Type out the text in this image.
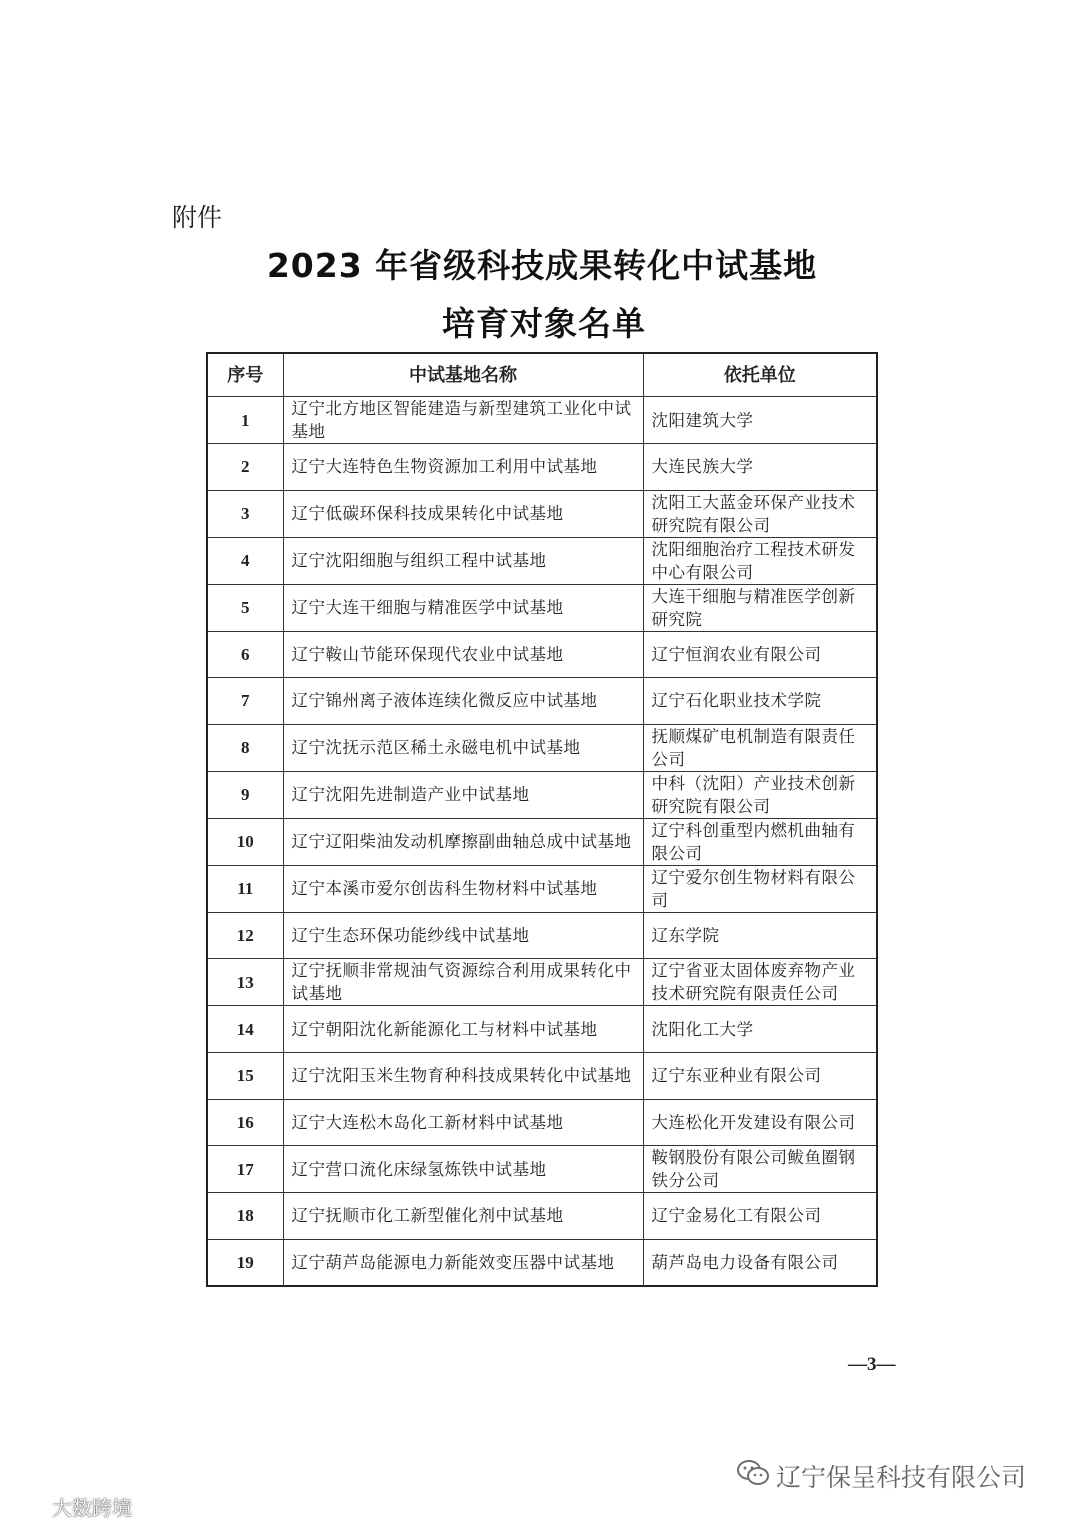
附件
2023 年省级科技成果转化中试基地
培育对象名单
序号	中试基地名称	依托单位
1	辽宁北方地区智能建造与新型建筑工业化中试基地	沈阳建筑大学
2	辽宁大连特色生物资源加工利用中试基地	大连民族大学
3	辽宁低碳环保科技成果转化中试基地	沈阳工大蓝金环保产业技术研究院有限公司
4	辽宁沈阳细胞与组织工程中试基地	沈阳细胞治疗工程技术研发中心有限公司
5	辽宁大连干细胞与精准医学中试基地	大连干细胞与精准医学创新研究院
6	辽宁鞍山节能环保现代农业中试基地	辽宁恒润农业有限公司
7	辽宁锦州离子液体连续化微反应中试基地	辽宁石化职业技术学院
8	辽宁沈抚示范区稀土永磁电机中试基地	抚顺煤矿电机制造有限责任公司
9	辽宁沈阳先进制造产业中试基地	中科（沈阳）产业技术创新研究院有限公司
10	辽宁辽阳柴油发动机摩擦副曲轴总成中试基地	辽宁科创重型内燃机曲轴有限公司
11	辽宁本溪市爱尔创齿科生物材料中试基地	辽宁爱尔创生物材料有限公司
12	辽宁生态环保功能纱线中试基地	辽东学院
13	辽宁抚顺非常规油气资源综合利用成果转化中试基地	辽宁省亚太固体废弃物产业技术研究院有限责任公司
14	辽宁朝阳沈化新能源化工与材料中试基地	沈阳化工大学
15	辽宁沈阳玉米生物育种科技成果转化中试基地	辽宁东亚种业有限公司
16	辽宁大连松木岛化工新材料中试基地	大连松化开发建设有限公司
17	辽宁营口流化床绿氢炼铁中试基地	鞍钢股份有限公司鲅鱼圈钢铁分公司
18	辽宁抚顺市化工新型催化剂中试基地	辽宁金易化工有限公司
19	辽宁葫芦岛能源电力新能效变压器中试基地	葫芦岛电力设备有限公司
—3—
辽宁保呈科技有限公司
大数跨境
